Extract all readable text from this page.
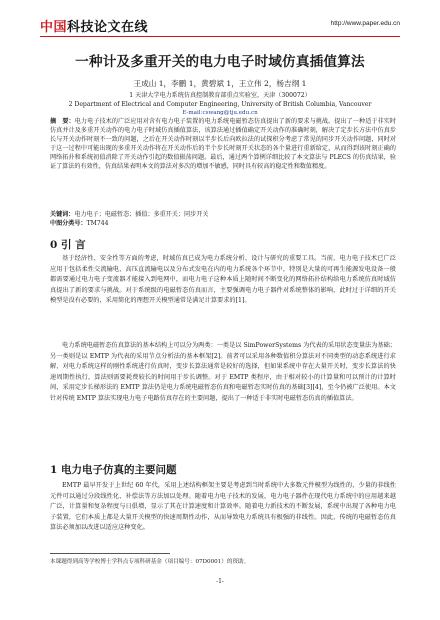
中国科技论文在线	http://www.paper.edu.cn
一种计及多重开关的电力电子时域仿真插值算法
王成山 1，李鹏 1，黄碧斌 1，王立伟 2，杨吉纲 1
1 天津大学电力系统仿真控制教育部重点实验室，天津（300072）
2 Department of Electrical and Computer Engineering, University of British Columbia, Vancouver
E-mail:cswang@tju.edu.cn
摘　要：电力电子技术的广泛应用对含有电力电子装置的电力系统电磁暂态仿真提出了新的要求与挑战。提出了一种适于非实时仿真并计及多重开关动作的电力电子时域仿真插值算法，该算法通过插值确定开关动作的准确时刻，解决了定步长方法中仿真步长与开关动作时刻不一致的问题，之后在开关动作时刻以半步长后向欧拉法的试探积分考虑了常见的同步开关动作问题，同时对于这一过程中可能出现的多重开关动作将在开关动作后的半个步长时刻开关状态的各个量进行重新给定，从而得到该时刻正确的网络拓扑和系统初值消除了开关动作引起的数值振荡问题。最后，通过两个算例详细比较了本文算法与 PLECS 的仿真结果，验证了算法的有效性，仿真结果表明本文的算法对多次的增加不敏感，同时具有较高的稳定性和数值精度。
关键词：电力电子；电磁暂态；插值；多重开关；同步开关
中图分类号：TM744
0 引 言
基于经济性、安全性等方面的考虑，时域仿真已成为电力系统分析、设计与研究的重要工具。当前，电力电子技术已广泛应用于包括柔性交流输电、高压直流输电以及分布式发电在内的电力系统各个环节中，特别是大量的可再生能源发电设备一般都需要通过电力电子变流器才能接入到电网中，而电力电子这种本质上随时间不断变化的网络拓扑结构给电力系统仿真时域仿真提出了新的要求与挑战。对于系统级的电磁暂态仿真而言，主要强调电力电子器件对系统整体的影响，此时过于详细的开关模型是没有必要的，采用简化的理想开关模型通常是满足计算要求的[1]。
电力系统电磁暂态仿真算法的基本结构上可以分为两类：一类是以 SimPowerSystems 为代表的采用状态变量法为基础；另一类则是以 EMTP 为代表的采用节点分析法的基本框架[2]。前者可以采用各种数值积分算法对不同类型的动态系统进行求解，对电力系统这样的刚性系统进行仿真时，变步长算法通常是较好的选择，但如果系统中存在大量开关时，变步长算法的快速周期性执行，算法则需要耗费较长的时间用于步长调整。对于 EMTP 类程序，由于相对较小的计算量和可以预计的计算时间，采用定步长梯形法的 EMTP 算法仍是电力系统电磁暂态仿真和电磁暂态实时仿真的基础[3][4]，至今仍被广泛使用。本文针对传统 EMTP 算法实现电力电子电路仿真存在的主要问题，提出了一种适于非实时电磁暂态仿真的插值算法。
1 电力电子仿真的主要问题
EMTP 最早开发于上世纪 60 年代，采用上述结构框架主要是考虑到当时系统中大多数元件模型为线性的，少量的非线性元件可以通过分段线性化、补偿法等方法加以处理。随着电力电子技术的发展，电力电子器件在现代电力系统中的应用越来越广泛，计算量和复杂程度与日俱增，显示了其在计算速度和计算效率。随着电力新技术的不断发展，系统中出现了各种电力电子装置，它们本质上都是大量开关模型的快速周期性动作，从而导致电力系统具有极强的非线性。因此，传统的电磁暂态仿真算法必须加以改进以适应这种变化。
本课题得到高等学校博士学科点专项科研基金（项目编号：07D0001）的资助。
-1-
